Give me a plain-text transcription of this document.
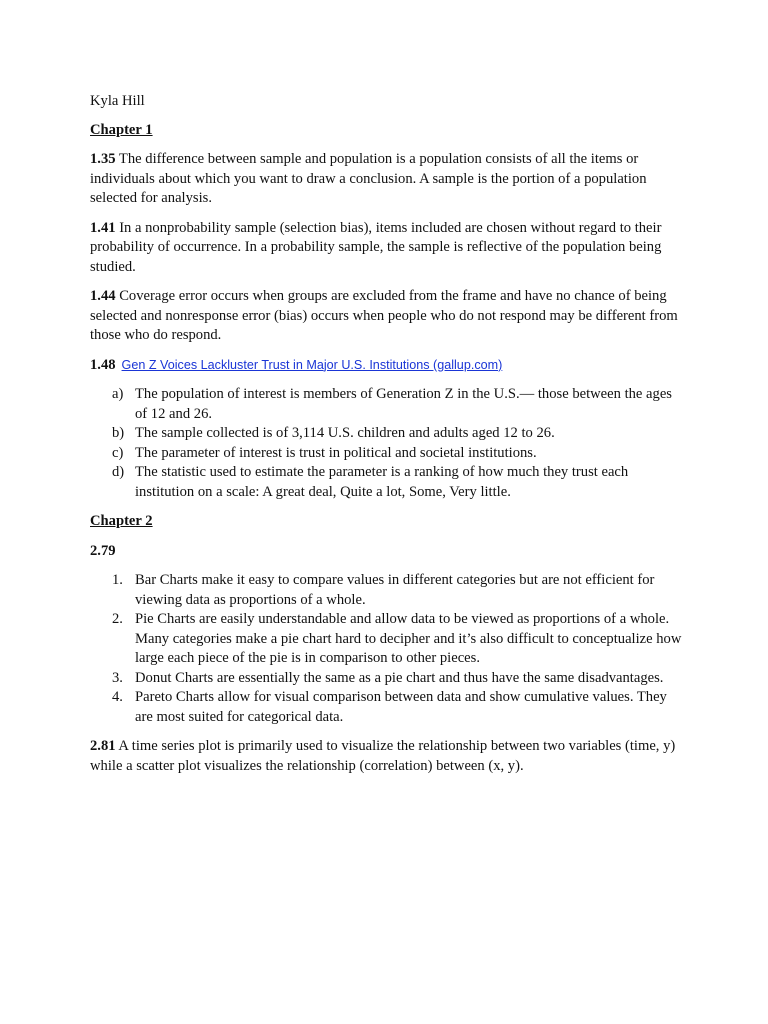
Kyla Hill

Chapter 1

1.35 The difference between sample and population is a population consists of all the items or individuals about which you want to draw a conclusion. A sample is the portion of a population selected for analysis.

1.41 In a nonprobability sample (selection bias), items included are chosen without regard to their probability of occurrence. In a probability sample, the sample is reflective of the population being studied.

1.44 Coverage error occurs when groups are excluded from the frame and have no chance of being selected and nonresponse error (bias) occurs when people who do not respond may be different from those who do respond.

1.48 Gen Z Voices Lackluster Trust in Major U.S. Institutions (gallup.com)

a) The population of interest is members of Generation Z in the U.S.— those between the ages of 12 and 26.
b) The sample collected is of 3,114 U.S. children and adults aged 12 to 26.
c) The parameter of interest is trust in political and societal institutions.
d) The statistic used to estimate the parameter is a ranking of how much they trust each institution on a scale: A great deal, Quite a lot, Some, Very little.

Chapter 2

2.79

1. Bar Charts make it easy to compare values in different categories but are not efficient for viewing data as proportions of a whole.
2. Pie Charts are easily understandable and allow data to be viewed as proportions of a whole. Many categories make a pie chart hard to decipher and it’s also difficult to conceptualize how large each piece of the pie is in comparison to other pieces.
3. Donut Charts are essentially the same as a pie chart and thus have the same disadvantages.
4. Pareto Charts allow for visual comparison between data and show cumulative values. They are most suited for categorical data.

2.81 A time series plot is primarily used to visualize the relationship between two variables (time, y) while a scatter plot visualizes the relationship (correlation) between (x, y).
